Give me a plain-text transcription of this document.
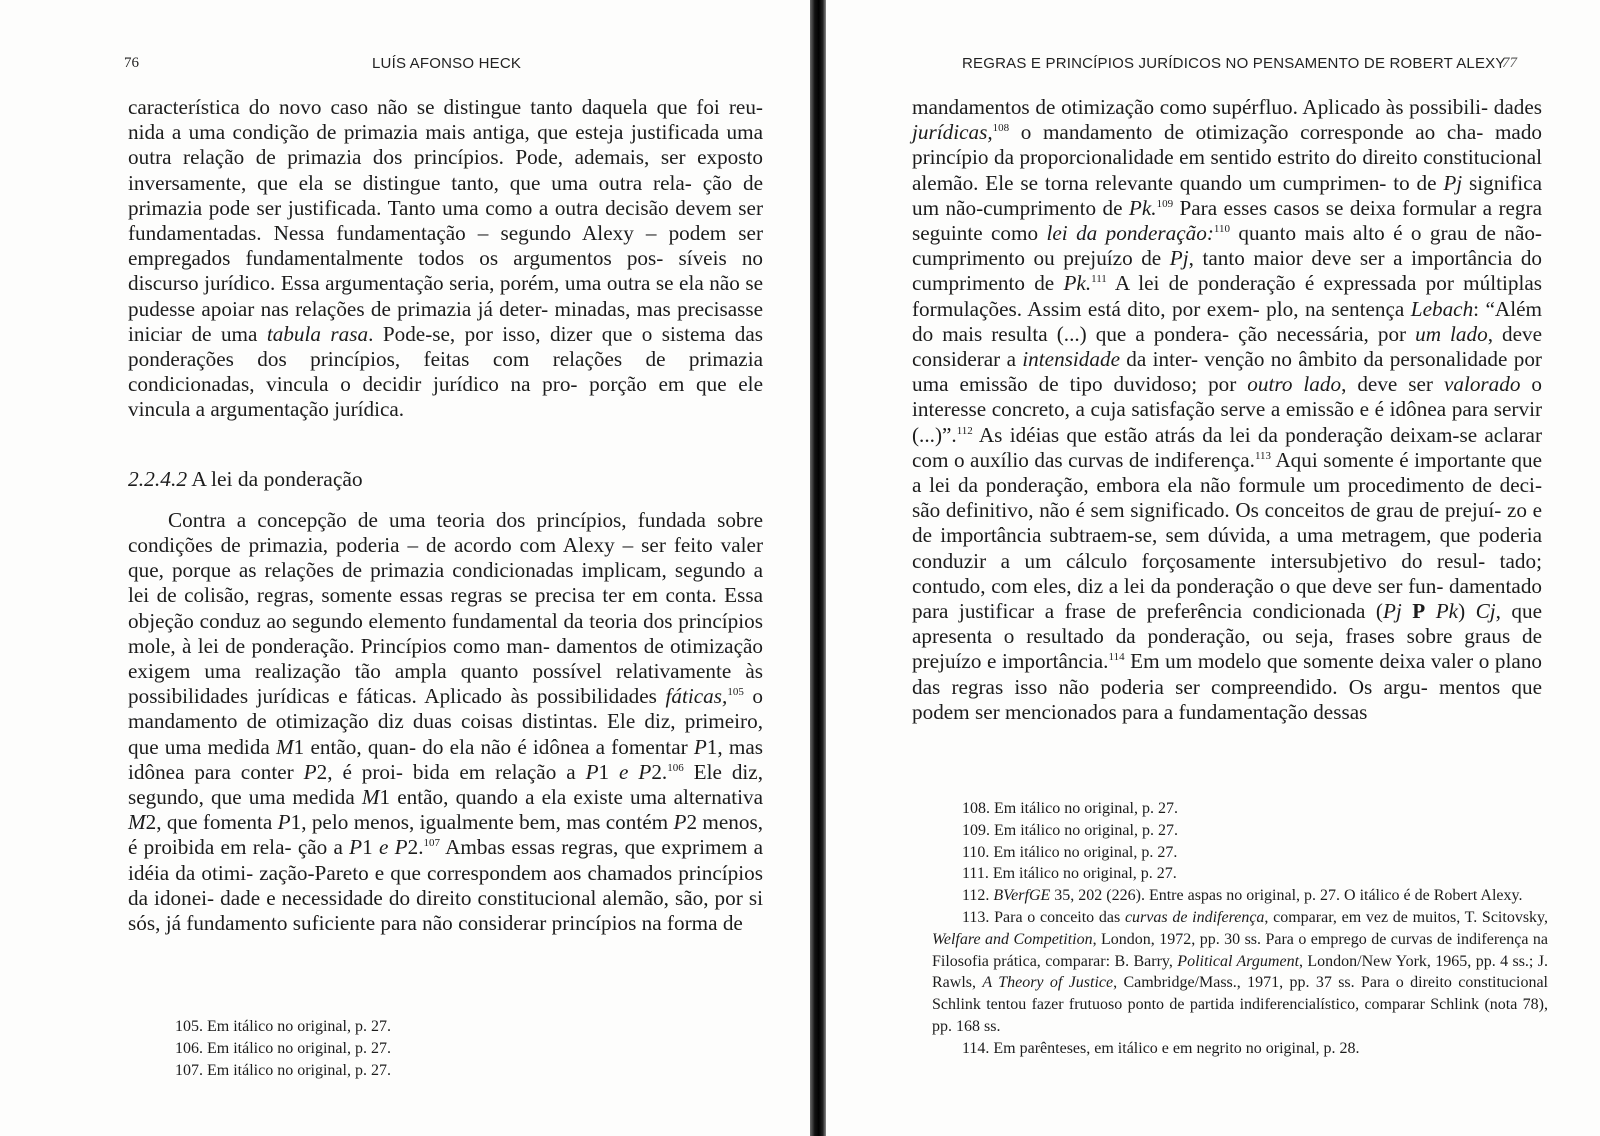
76	LUÍS AFONSO HECK

característica do novo caso não se distingue tanto daquela que foi reu- nida a uma condição de primazia mais antiga, que esteja justificada uma outra relação de primazia dos princípios. Pode, ademais, ser exposto inversamente, que ela se distingue tanto, que uma outra rela- ção de primazia pode ser justificada. Tanto uma como a outra decisão devem ser fundamentadas. Nessa fundamentação – segundo Alexy – podem ser empregados fundamentalmente todos os argumentos pos- síveis no discurso jurídico. Essa argumentação seria, porém, uma outra se ela não se pudesse apoiar nas relações de primazia já deter- minadas, mas precisasse iniciar de uma tabula rasa. Pode-se, por isso, dizer que o sistema das ponderações dos princípios, feitas com relações de primazia condicionadas, vincula o decidir jurídico na pro- porção em que ele vincula a argumentação jurídica.

2.2.4.2 A lei da ponderação

Contra a concepção de uma teoria dos princípios, fundada sobre condições de primazia, poderia – de acordo com Alexy – ser feito valer que, porque as relações de primazia condicionadas implicam, segundo a lei de colisão, regras, somente essas regras se precisa ter em conta. Essa objeção conduz ao segundo elemento fundamental da teoria dos princípios mole, à lei de ponderação. Princípios como man- damentos de otimização exigem uma realização tão ampla quanto possível relativamente às possibilidades jurídicas e fáticas. Aplicado às possibilidades fáticas,$^{105}$ o mandamento de otimização diz duas coisas distintas. Ele diz, primeiro, que uma medida M1 então, quan- do ela não é idônea a fomentar P1, mas idônea para conter P2, é proi- bida em relação a P1 e P2.$^{106}$ Ele diz, segundo, que uma medida M1 então, quando a ela existe uma alternativa M2, que fomenta P1, pelo menos, igualmente bem, mas contém P2 menos, é proibida em rela- ção a P1 e P2.$^{107}$ Ambas essas regras, que exprimem a idéia da otimi- zação-Pareto e que correspondem aos chamados princípios da idonei- dade e necessidade do direito constitucional alemão, são, por si sós, já fundamento suficiente para não considerar princípios na forma de

105. Em itálico no original, p. 27.
106. Em itálico no original, p. 27.
107. Em itálico no original, p. 27.
REGRAS E PRINCÍPIOS JURÍDICOS NO PENSAMENTO DE ROBERT ALEXY
77

mandamentos de otimização como supérfluo. Aplicado às possibili- dades jurídicas,$^{108}$ o mandamento de otimização corresponde ao cha- mado princípio da proporcionalidade em sentido estrito do direito constitucional alemão. Ele se torna relevante quando um cumprimen- to de Pj significa um não-cumprimento de Pk.$^{109}$ Para esses casos se deixa formular a regra seguinte como lei da ponderação:$^{110}$ quanto mais alto é o grau de não-cumprimento ou prejuízo de Pj, tanto maior deve ser a importância do cumprimento de Pk.$^{111}$ A lei de ponderação é expressada por múltiplas formulações. Assim está dito, por exem- plo, na sentença Lebach: “Além do mais resulta (...) que a pondera- ção necessária, por um lado, deve considerar a intensidade da inter- venção no âmbito da personalidade por uma emissão de tipo duvidoso; por outro lado, deve ser valorado o interesse concreto, a cuja satisfação serve a emissão e é idônea para servir (...)”.$^{112}$ As idéias que estão atrás da lei da ponderação deixam-se aclarar com o auxílio das curvas de indiferença.$^{113}$ Aqui somente é importante que a lei da ponderação, embora ela não formule um procedimento de deci- são definitivo, não é sem significado. Os conceitos de grau de prejuí- zo e de importância subtraem-se, sem dúvida, a uma metragem, que poderia conduzir a um cálculo forçosamente intersubjetivo do resul- tado; contudo, com eles, diz a lei da ponderação o que deve ser fun- damentado para justificar a frase de preferência condicionada (Pj P Pk) Cj, que apresenta o resultado da ponderação, ou seja, frases sobre graus de prejuízo e importância.$^{114}$ Em um modelo que somente deixa valer o plano das regras isso não poderia ser compreendido. Os argu- mentos que podem ser mencionados para a fundamentação dessas

108. Em itálico no original, p. 27.
109. Em itálico no original, p. 27.
110. Em itálico no original, p. 27.
111. Em itálico no original, p. 27.
112. BVerfGE 35, 202 (226). Entre aspas no original, p. 27. O itálico é de Robert Alexy.
113. Para o conceito das curvas de indiferença, comparar, em vez de muitos, T. Scitovsky, Welfare and Competition, London, 1972, pp. 30 ss. Para o emprego de curvas de indiferença na Filosofia prática, comparar: B. Barry, Political Argument, London/New York, 1965, pp. 4 ss.; J. Rawls, A Theory of Justice, Cambridge/Mass., 1971, pp. 37 ss. Para o direito constitucional Schlink tentou fazer frutuoso ponto de partida indiferencialístico, comparar Schlink (nota 78), pp. 168 ss.
114. Em parênteses, em itálico e em negrito no original, p. 28.
